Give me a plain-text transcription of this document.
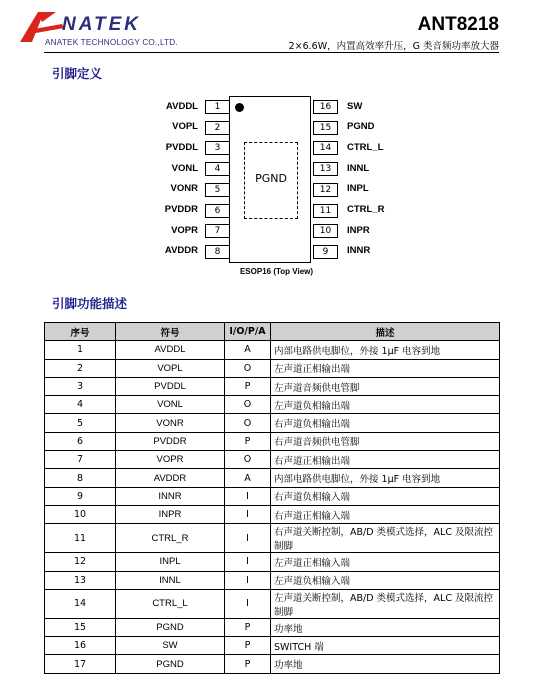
NATEK
ANATEK TECHNOLOGY CO.,LTD.
ANT8218
2×6.6W，内置高效率升压，G 类音频功率放大器
引脚定义
PGND
1
AVDDL
2
VOPL
3
PVDDL
4
VONL
5
VONR
6
PVDDR
7
VOPR
8
AVDDR
16	SW
15	PGND
14	CTRL_L
13	INNL
12	INPL
11	CTRL_R
10	INPR
9	INNR
ESOP16 (Top View)
引脚功能描述
序号	符号	I/O/P/A	描述
1	AVDDL	A	内部电路供电脚位，外接 1μF 电容到地
2	VOPL	O	左声道正相输出端
3	PVDDL	P	左声道音频供电管脚
4	VONL	O	左声道负相输出端
5	VONR	O	右声道负相输出端
6	PVDDR	P	右声道音频供电管脚
7	VOPR	O	右声道正相输出端
8	AVDDR	A	内部电路供电脚位，外接 1μF 电容到地
9	INNR	I	右声道负相输入端
10	INPR	I	右声道正相输入端
11	CTRL_R	I	右声道关断控制，AB/D 类模式选择，ALC 及限流控制脚
12	INPL	I	左声道正相输入端
13	INNL	I	左声道负相输入端
14	CTRL_L	I	左声道关断控制，AB/D 类模式选择，ALC 及限流控制脚
15	PGND	P	功率地
16	SW	P	SWITCH 端
17	PGND	P	功率地
